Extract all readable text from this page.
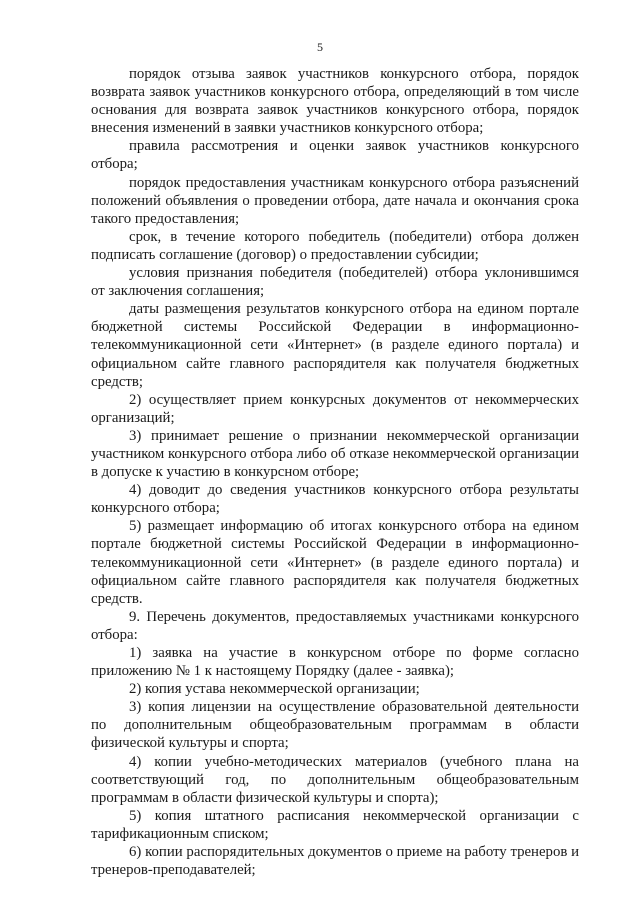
5

порядок отзыва заявок участников конкурсного отбора, порядок возврата заявок участников конкурсного отбора, определяющий в том числе основания для возврата заявок участников конкурсного отбора, порядок внесения изменений в заявки участников конкурсного отбора;

правила рассмотрения и оценки заявок участников конкурсного отбора;

порядок предоставления участникам конкурсного отбора разъяснений положений объявления о проведении отбора, дате начала и окончания срока такого предоставления;

срок, в течение которого победитель (победители) отбора должен подписать соглашение (договор) о предоставлении субсидии;

условия признания победителя (победителей) отбора уклонившимся от заключения соглашения;

даты размещения результатов конкурсного отбора на едином портале бюджетной системы Российской Федерации в информационно-телекоммуникационной сети «Интернет» (в разделе единого портала) и официальном сайте главного распорядителя как получателя бюджетных средств;

2) осуществляет прием конкурсных документов от некоммерческих организаций;

3) принимает решение о признании некоммерческой организации участником конкурсного отбора либо об отказе некоммерческой организации в допуске к участию в конкурсном отборе;

4) доводит до сведения участников конкурсного отбора результаты конкурсного отбора;

5) размещает информацию об итогах конкурсного отбора на едином портале бюджетной системы Российской Федерации в информационно-телекоммуникационной сети «Интернет» (в разделе единого портала) и официальном сайте главного распорядителя как получателя бюджетных средств.

9. Перечень документов, предоставляемых участниками конкурсного отбора:

1) заявка на участие в конкурсном отборе по форме согласно приложению № 1 к настоящему Порядку (далее - заявка);

2) копия устава некоммерческой организации;

3) копия лицензии на осуществление образовательной деятельности по дополнительным общеобразовательным программам в области физической культуры и спорта;

4) копии учебно-методических материалов (учебного плана на соответствующий год, по дополнительным общеобразовательным программам в области физической культуры и спорта);

5) копия штатного расписания некоммерческой организации с тарификационным списком;

6) копии распорядительных документов о приеме на работу тренеров и тренеров-преподавателей;
